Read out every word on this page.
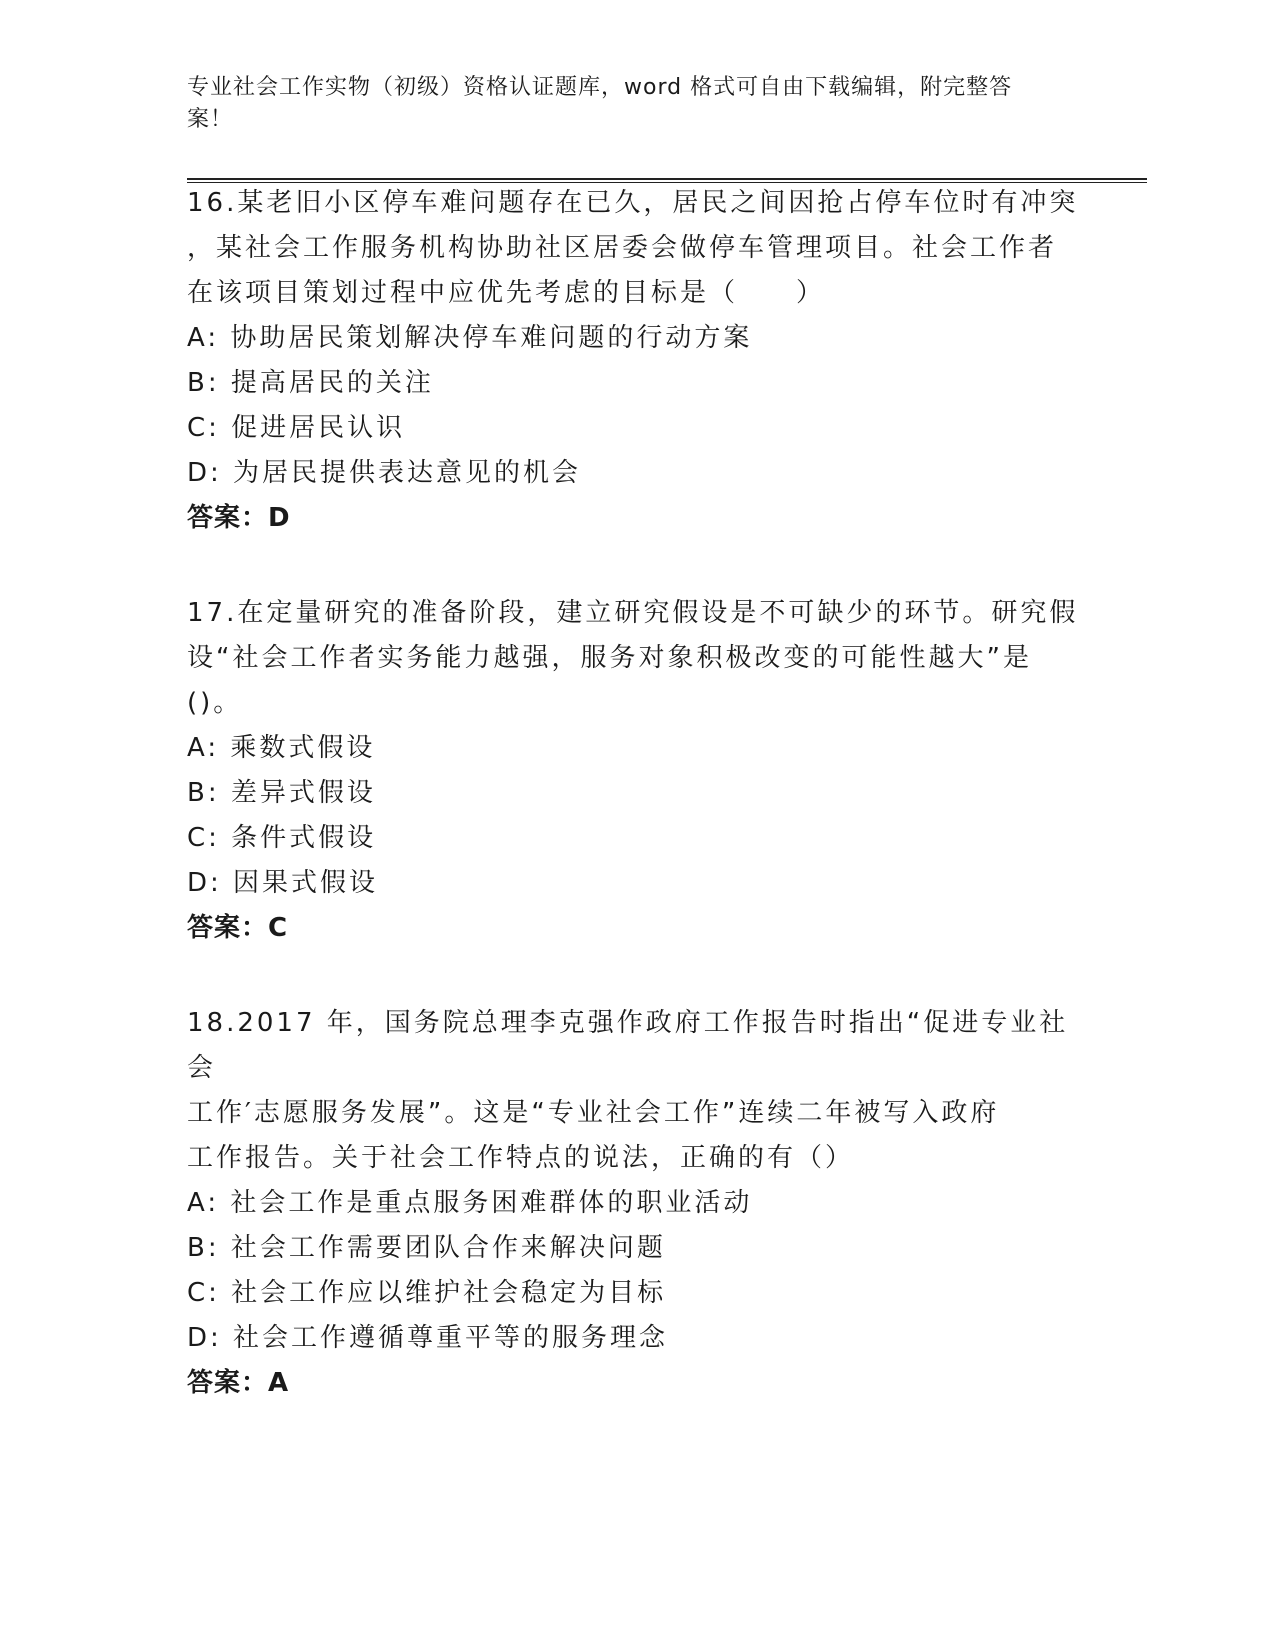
专业社会工作实物（初级）资格认证题库，word 格式可自由下载编辑，附完整答
案！
16.某老旧小区停车难问题存在已久，居民之间因抢占停车位时有冲突
，某社会工作服务机构协助社区居委会做停车管理项目。社会工作者
在该项目策划过程中应优先考虑的目标是（　　）
A: 协助居民策划解决停车难问题的行动方案
B: 提高居民的关注
C: 促进居民认识
D: 为居民提供表达意见的机会
答案：D
17.在定量研究的准备阶段，建立研究假设是不可缺少的环节。研究假
设“社会工作者实务能力越强，服务对象积极改变的可能性越大”是
()。
A: 乘数式假设
B: 差异式假设
C: 条件式假设
D: 因果式假设
答案：C
18.2017 年，国务院总理李克强作政府工作报告时指出“促进专业社会
工作′志愿服务发展”。这是“专业社会工作”连续二年被写入政府
工作报告。关于社会工作特点的说法，正确的有（）
A: 社会工作是重点服务困难群体的职业活动
B: 社会工作需要团队合作来解决问题
C: 社会工作应以维护社会稳定为目标
D: 社会工作遵循尊重平等的服务理念
答案：A
